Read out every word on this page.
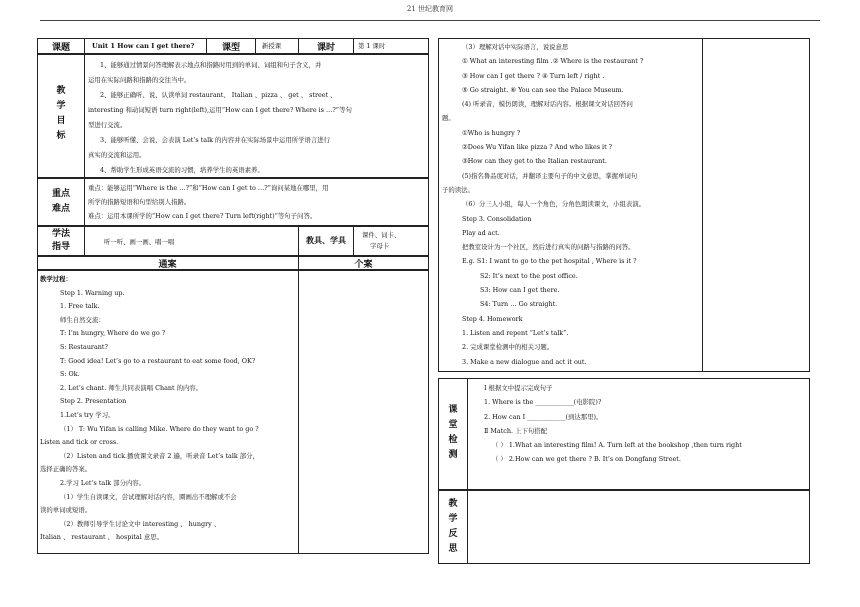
21 世纪教育网
课题	Unit 1 How can I get there?	课型	新授课	课时	第 1 课时
教
学
目
标
1、能够通过情景问答理解表示地点和指路时用到的单词、词组和句子含义，并
运用在实际问路和指路的交往当中。
2、能够正确听、说、认读单词 restaurant、 Italian 、pizza 、 get 、 street 、
interesting 和动词短语 turn right(left),运用“How can I get there? Where is …?”等句
型进行交流。
3、能够听懂、会说、会表演 Let’s talk 的内容并在实际场景中运用所学语言进行
真实的交流和运用。
4、帮助学生形成英语交流的习惯，培养学生的英语素养。
重点
难点
重点：能够运用“Where is the …?”和“How can I get to …?”询问某地在哪里，用
所学的指路短语和句型给别人指路。
难点：运用本课所学的“How can I get there? Turn left(right)”等句子问答。
学法
指导	听一听、画一画、唱一唱	教具、学具	课件、词卡、
字母卡
通案	个案
教学过程：
Step 1. Warning up.
1. Free talk.
师生自然交流：
T: I’m hungry, Where do we go ?
S: Restaurant?
T: Good idea! Let’s go to a restaurant to eat some food, OK?
S: Ok.
2. Let’s chant. 师生共同表演唱 Chant 的内容。
Step 2. Presentation
1.Let’s try 学习。
（1） T: Wu Yifan is calling Mike. Where do they want to go ?
Listen and tick or cross.
（2）Listen and tick.播放课文录音 2 遍，听录音 Let’s talk 部分，
选择正确的答案。
2.学习 Let’s talk 部分内容。
（1）学生自读课文，尝试理解对话内容，圈画出不理解或不会
读的单词或短语。
（2）教师引导学生讨论文中 interesting 、 hungry 、
Italian 、 restaurant 、 hospital 意思。
（3）理解对话中实际语言，说说意思
① What an interesting film .② Where is the restaurant ?
③ How can I get there ? ④ Turn left / right .
⑤ Go straight. ⑥ You can see the Palace Museum.
(4) 听录音，模仿朗读，理解对话内容。根据课文对话回答问
题。
①Who is hungry ?
②Does Wu Yifan like pizza ? And who likes it ?
③How can they get to the Italian restaurant.
(5)指名鲁品度对话，并翻译主要句子的中文意思，掌握单词句
子的读法。
（6）分三人小组，每人一个角色，分角色朗读课文，小组表演。
Step 3. Consolidation
Play ad act.
把教室设计为一个社区，然后进行真实的问路与指路的问答。
E.g. S1: I want to go to the pet hospital , Where is it ?
S2: It’s next to the post office.
S3: How can I get there.
S4: Turn … Go straight.
Step 4. Homework
1. Listen and repent “Let’s talk”.
2. 完成课堂检测中的相关习题。
3. Make a new dialogue and act it out.
课
堂
检
测
Ⅰ 根据文中提示完成句子
1. Where is the ____________(电影院)?
2. How can I ____________(到达那里)。
Ⅱ Match. 上下句搭配
（ ） 1.What an interesting film! A. Turn left at the bookshop ,then turn right
（ ） 2.How can we get there ? B. It’s on Dongfang Street.
教
学
反
思
